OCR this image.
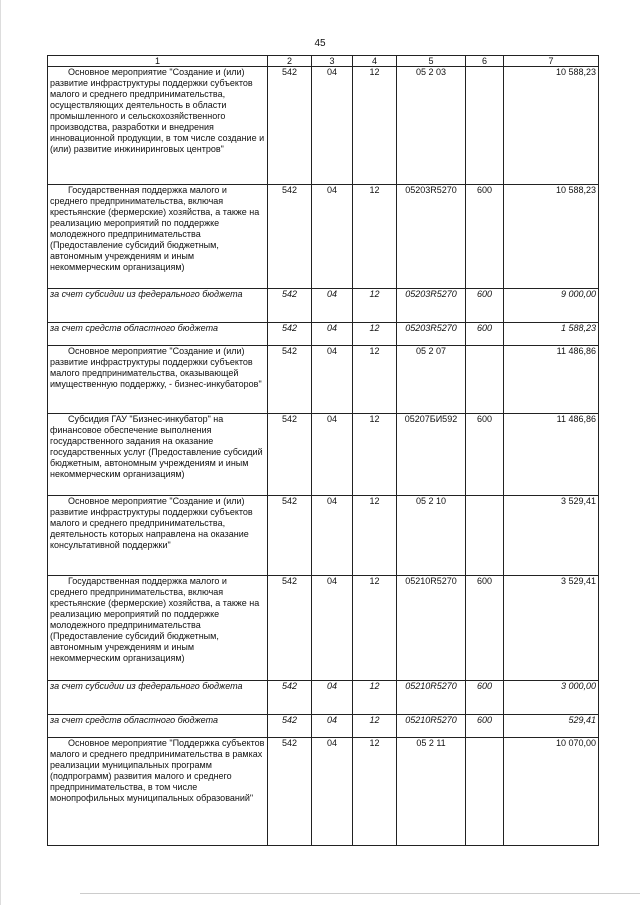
45
1	2	3	4	5	6	7
Основное мероприятие "Создание и (или) развитие инфраструктуры поддержки субъектов малого и среднего предпринимательства, осуществляющих деятельность в области промышленного и сельскохозяйственного производства, разработки и внедрения инновационной продукции, в том числе создание и (или) развитие инжиниринговых центров"	542	04	12	05 2 03		10 588,23
Государственная поддержка малого и среднего предпринимательства, включая крестьянские (фермерские) хозяйства, а также на реализацию мероприятий по поддержке молодежного предпринимательства (Предоставление субсидий бюджетным, автономным учреждениям и иным некоммерческим организациям)	542	04	12	05203R5270	600	10 588,23
за счет субсидии из федерального бюджета	542	04	12	05203R5270	600	9 000,00
за счет средств областного бюджета	542	04	12	05203R5270	600	1 588,23
Основное мероприятие "Создание и (или) развитие инфраструктуры поддержки субъектов малого предпринимательства, оказывающей имущественную поддержку, - бизнес-инкубаторов"	542	04	12	05 2 07		11 486,86
Субсидия ГАУ "Бизнес-инкубатор" на финансовое обеспечение выполнения государственного задания на оказание государственных услуг (Предоставление субсидий бюджетным, автономным учреждениям и иным некоммерческим организациям)	542	04	12	05207БИ592	600	11 486,86
Основное мероприятие "Создание и (или) развитие инфраструктуры поддержки субъектов малого и среднего предпринимательства, деятельность которых направлена на оказание консультативной поддержки"	542	04	12	05 2 10		3 529,41
Государственная поддержка малого и среднего предпринимательства, включая крестьянские (фермерские) хозяйства, а также на реализацию мероприятий по поддержке молодежного предпринимательства (Предоставление субсидий бюджетным, автономным учреждениям и иным некоммерческим организациям)	542	04	12	05210R5270	600	3 529,41
за счет субсидии из федерального бюджета	542	04	12	05210R5270	600	3 000,00
за счет средств областного бюджета	542	04	12	05210R5270	600	529,41
Основное мероприятие "Поддержка субъектов малого и среднего предпринимательства в рамках реализации муниципальных программ (подпрограмм) развития малого и среднего предпринимательства, в том числе монопрофильных муниципальных образований"	542	04	12	05 2 11		10 070,00
